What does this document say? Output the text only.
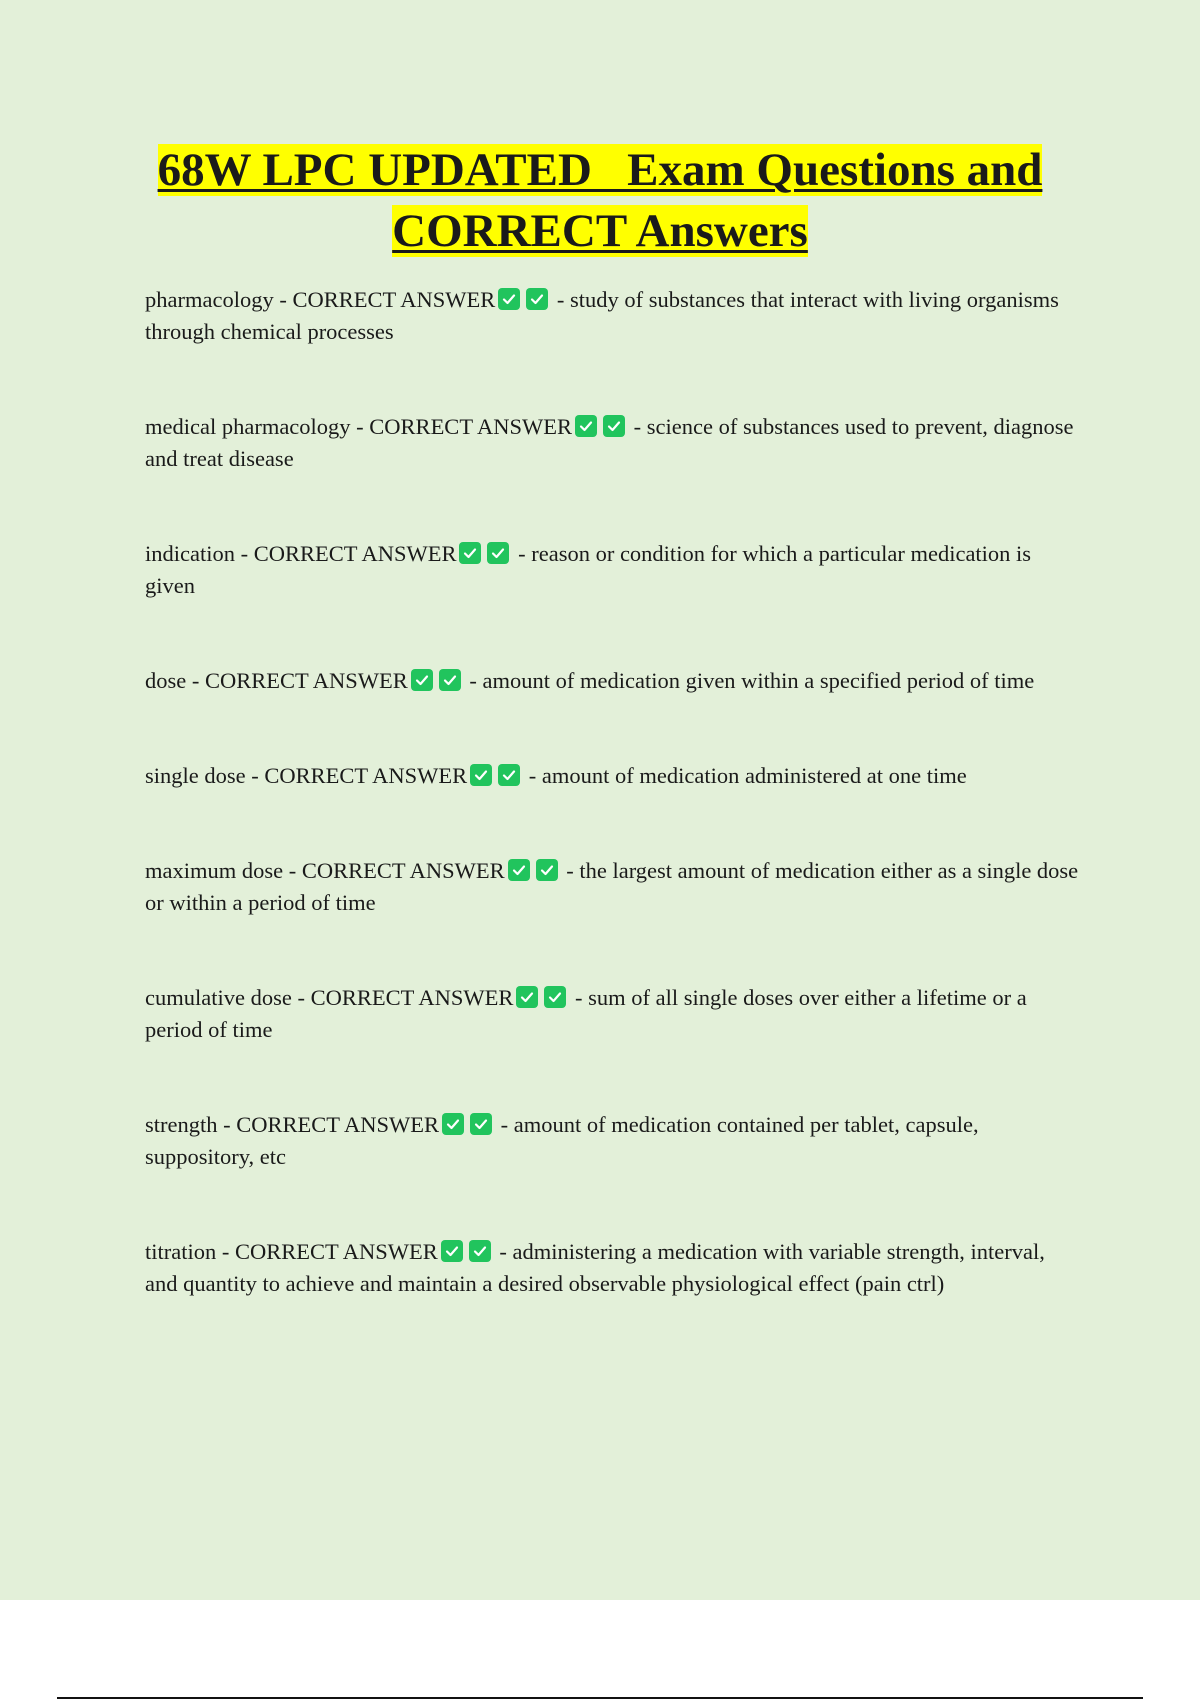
68W LPC UPDATED   Exam Questions and
CORRECT Answers

pharmacology - CORRECT ANSWER
- study of substances that interact with living organisms through chemical processes

medical pharmacology - CORRECT ANSWER
- science of substances used to prevent, diagnose and treat disease

indication - CORRECT ANSWER
- reason or condition for which a particular medication is given

dose - CORRECT ANSWER
- amount of medication given within a specified period of time

single dose - CORRECT ANSWER
- amount of medication administered at one time

maximum dose - CORRECT ANSWER
- the largest amount of medication either as a single dose or within a period of time

cumulative dose - CORRECT ANSWER
- sum of all single doses over either a lifetime or a period of time

strength - CORRECT ANSWER
- amount of medication contained per tablet, capsule, suppository, etc

titration - CORRECT ANSWER
- administering a medication with variable strength, interval, and quantity to achieve and maintain a desired observable physiological effect (pain ctrl)
